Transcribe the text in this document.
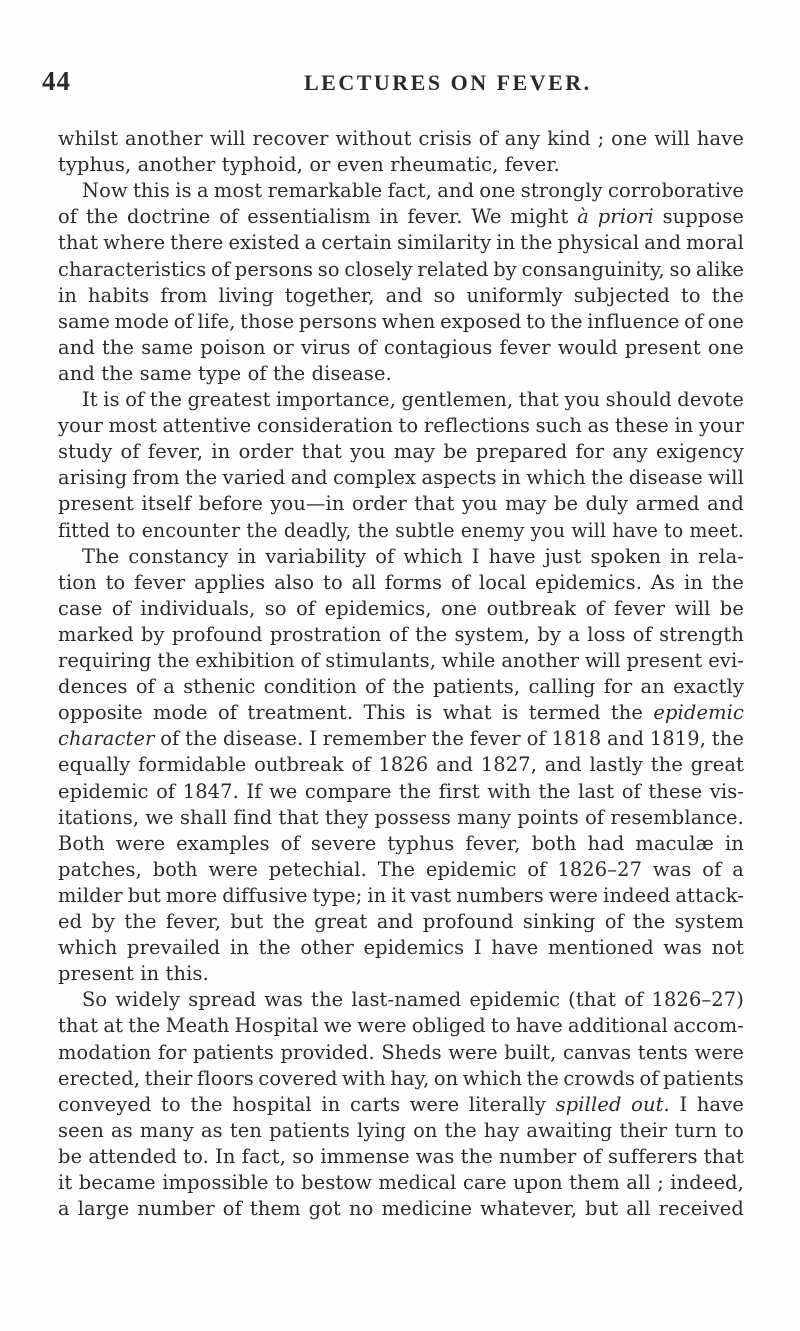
44	LECTURES ON FEVER.
whilst another will recover without crisis of any kind ; one will have
typhus, another typhoid, or even rheumatic, fever.
Now this is a most remarkable fact, and one strongly corroborative
of the doctrine of essentialism in fever. We might à priori suppose
that where there existed a certain similarity in the physical and moral
characteristics of persons so closely related by consanguinity, so alike
in habits from living together, and so uniformly subjected to the
same mode of life, those persons when exposed to the influence of one
and the same poison or virus of contagious fever would present one
and the same type of the disease.
It is of the greatest importance, gentlemen, that you should devote
your most attentive consideration to reflections such as these in your
study of fever, in order that you may be prepared for any exigency
arising from the varied and complex aspects in which the disease will
present itself before you—in order that you may be duly armed and
fitted to encounter the deadly, the subtle enemy you will have to meet.
The constancy in variability of which I have just spoken in rela-
tion to fever applies also to all forms of local epidemics. As in the
case of individuals, so of epidemics, one outbreak of fever will be
marked by profound prostration of the system, by a loss of strength
requiring the exhibition of stimulants, while another will present evi-
dences of a sthenic condition of the patients, calling for an exactly
opposite mode of treatment. This is what is termed the epidemic
character of the disease. I remember the fever of 1818 and 1819, the
equally formidable outbreak of 1826 and 1827, and lastly the great
epidemic of 1847. If we compare the first with the last of these vis-
itations, we shall find that they possess many points of resemblance.
Both were examples of severe typhus fever, both had maculæ in
patches, both were petechial. The epidemic of 1826–27 was of a
milder but more diffusive type; in it vast numbers were indeed attack-
ed by the fever, but the great and profound sinking of the system
which prevailed in the other epidemics I have mentioned was not
present in this.
So widely spread was the last-named epidemic (that of 1826–27)
that at the Meath Hospital we were obliged to have additional accom-
modation for patients provided. Sheds were built, canvas tents were
erected, their floors covered with hay, on which the crowds of patients
conveyed to the hospital in carts were literally spilled out. I have
seen as many as ten patients lying on the hay awaiting their turn to
be attended to. In fact, so immense was the number of sufferers that
it became impossible to bestow medical care upon them all ; indeed,
a large number of them got no medicine whatever, but all received
